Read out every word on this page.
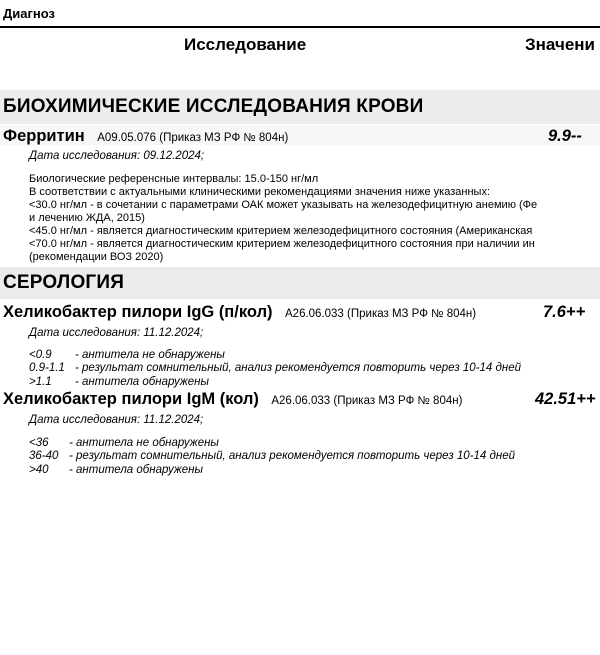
Диагноз
Исследование	Значени
БИОХИМИЧЕСКИЕ ИССЛЕДОВАНИЯ КРОВИ
Ферритин A09.05.076 (Приказ МЗ РФ № 804н)	9.9--
Дата исследования: 09.12.2024;
Биологические референсные интервалы: 15.0-150 нг/мл
В соответствии с актуальными клиническими рекомендациями значения ниже указанных:
<30.0 нг/мл - в сочетании с параметрами ОАК может указывать на железодефицитную анемию (Фе
и лечению ЖДА, 2015)
<45.0 нг/мл - является диагностическим критерием железодефицитного состояния (Американская
<70.0 нг/мл - является диагностическим критерием железодефицитного состояния при наличии ин
(рекомендации ВОЗ 2020)
СЕРОЛОГИЯ
Хеликобактер пилори IgG (п/кол) A26.06.033 (Приказ МЗ РФ № 804н)	7.6++
Дата исследования: 11.12.2024;
<0.9 - антитела не обнаружены
0.9-1.1 - результат сомнительный, анализ рекомендуется повторить через 10-14 дней
>1.1 - антитела обнаружены
Хеликобактер пилори IgM (кол) A26.06.033 (Приказ МЗ РФ № 804н)	42.51++
Дата исследования: 11.12.2024;
<36 - антитела не обнаружены
36-40 - результат сомнительный, анализ рекомендуется повторить через 10-14 дней
>40 - антитела обнаружены
